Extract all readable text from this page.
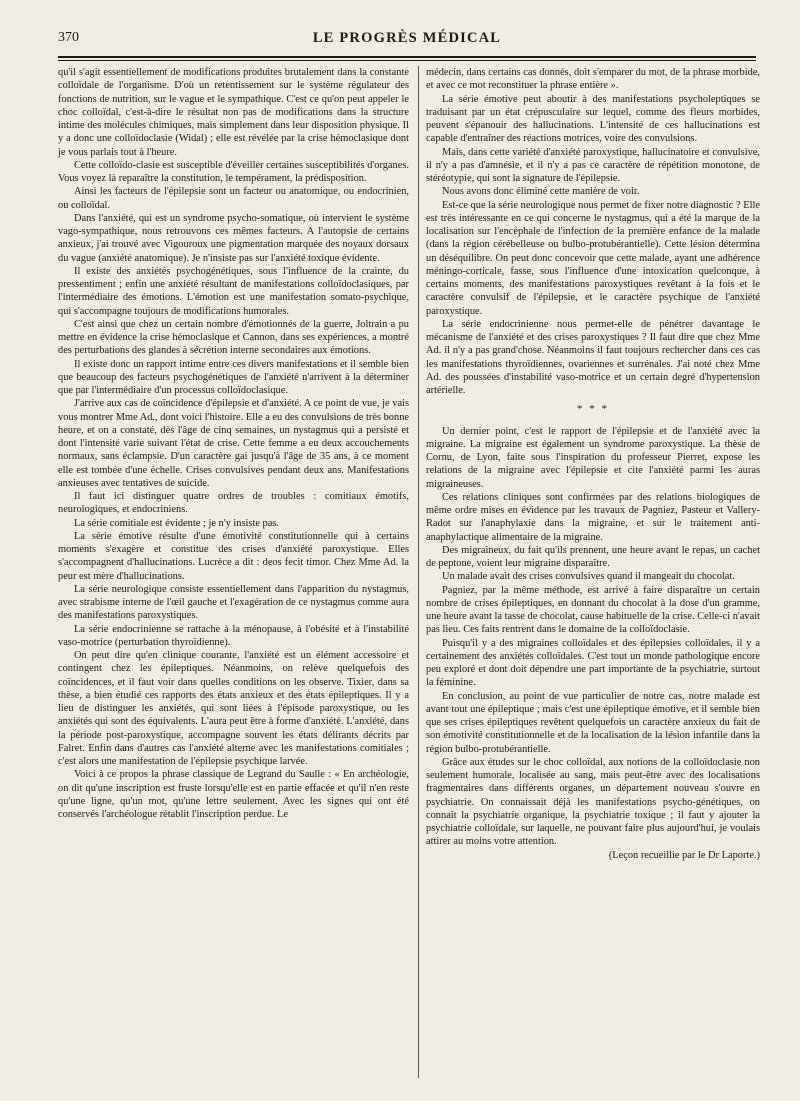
370	LE PROGRÈS MÉDICAL

qu'il s'agit essentiellement de modifications produites brutalement dans la constante colloïdale de l'organisme. D'où un retentissement sur le système régulateur des fonctions de nutrition, sur le vague et le sympathique. C'est ce qu'on peut appeler le choc colloïdal, c'est-à-dire le résultat non pas de modifications dans la structure intime des molécules chimiques, mais simplement dans leur disposition physique. Il y a donc une colloïdoclasie (Widal) ; elle est révélée par la crise hémoclasique dont je vous parlais tout à l'heure.

Cette colloïdo-clasie est susceptible d'éveiller certaines susceptibilités d'organes. Vous voyez là reparaître la constitution, le tempérament, la prédisposition.

Ainsi les facteurs de l'épilepsie sont un facteur ou anatomique, ou endocrinien, ou colloïdal.

Dans l'anxiété, qui est un syndrome psycho-somatique, où intervient le système vago-sympathique, nous retrouvons ces mêmes facteurs. A l'autopsie de certains anxieux, j'ai trouvé avec Vigouroux une pigmentation marquée des noyaux dorsaux du vague (anxiété anatomique). Je n'insiste pas sur l'anxiété toxique évidente.

Il existe des anxiétés psychogénétiques, sous l'influence de la crainte, du pressentiment ; enfin une anxiété résultant de manifestations colloïdoclasiques, par l'intermédiaire des émotions. L'émotion est une manifestation somato-psychique, qui s'accompagne toujours de modifications humorales.

C'est ainsi que chez un certain nombre d'émotionnés de la guerre, Joltrain a pu mettre en évidence la crise hémoclasique et Cannon, dans ses expériences, a montré des perturbations des glandes à sécrétion interne secondaires aux émotions.

Il existe donc un rapport intime entre ces divers manifestations et il semble bien que beaucoup des facteurs psychogénétiques de l'anxiété n'arrivent à la déterminer que par l'intermédiaire d'un processus colloïdoclasique.

J'arrive aux cas de coïncidence d'épilepsie et d'anxiété. A ce point de vue, je vais vous montrer Mme Ad., dont voici l'histoire. Elle a eu des convulsions de très bonne heure, et on a constaté, dès l'âge de cinq semaines, un nystagmus qui a persisté et dont l'intensité varie suivant l'état de crise. Cette femme a eu deux accouchements normaux, sans éclampsie. D'un caractère gai jusqu'à l'âge de 35 ans, à ce moment elle est tombée d'une échelle. Crises convulsives pendant deux ans. Manifestations anxieuses avec tentatives de suicide.

Il faut ici distinguer quatre ordres de troubles : comitiaux émotifs, neurologiques, et endocriniens.

La série comitiale est évidente ; je n'y insiste pas.

La série émotive résulte d'une émotivité constitutionnelle qui à certains moments s'exagère et constitue des crises d'anxiété paroxystique. Elles s'accompagnent d'hallucinations. Lucrèce a dit : deos fecit timor. Chez Mme Ad. la peur est mère d'hallucinations.

La série neurologique consiste essentiellement dans l'apparition du nystagmus, avec strabisme interne de l'œil gauche et l'exagération de ce nystagmus comme aura des manifestations paroxystiques.

La série endocrinienne se rattache à la ménopause, à l'obésité et à l'instabilité vaso-motrice (perturbation thyroïdienne).

On peut dire qu'en clinique courante, l'anxiété est un élément accessoire et contingent chez les épileptiques. Néanmoins, on relève quelquefois des coïncidences, et il faut voir dans quelles conditions on les observe. Tixier, dans sa thèse, a bien étudié ces rapports des états anxieux et des états épileptiques. Il y a lieu de distinguer les anxiétés, qui sont liées à l'épisode paroxystique, ou les anxiétés qui sont des équivalents. L'aura peut être à forme d'anxiété. L'anxiété, dans la période post-paroxystique, accompagne souvent les états délirants décrits par Falret. Enfin dans d'autres cas l'anxiété alterne avec les manifestations comitiales ; c'est alors une manifestation de l'épilepsie psychique larvée.

Voici à ce propos la phrase classique de Legrand du Saulle : « En archéologie, on dit qu'une inscription est fruste lorsqu'elle est en partie effacée et qu'il n'en reste qu'une ligne, qu'un mot, qu'une lettre seulement. Avec les signes qui ont été conservés l'archéologue rétablit l'inscription perdue. Le

médecin, dans certains cas donnés, doit s'emparer du mot, de la phrase morbide, et avec ce mot reconstituer la phrase entière ».

La série émotive peut aboutir à des manifestations psycholeptiques se traduisant par un état crépusculaire sur lequel, comme des fleurs morbides, peuvent s'épanouir des hallucinations. L'intensité de ces hallucinations est capable d'entraîner des réactions motrices, voire des convulsions.

Mais, dans cette variété d'anxiété paroxystique, hallucinatoire et convulsive, il n'y a pas d'amnésie, et il n'y a pas ce caractère de répétition monotone, de stéréotypie, qui sont la signature de l'épilepsie.

Nous avons donc éliminé cette manière de voir.

Est-ce que la série neurologique nous permet de fixer notre diagnostic ? Elle est très intéressante en ce qui concerne le nystagmus, qui a été la marque de la localisation sur l'encéphale de l'infection de la première enfance de la malade (dans la région cérébelleuse ou bulbo-protubérantielle). Cette lésion détermina un déséquilibre. On peut donc concevoir que cette malade, ayant une adhérence méningo-corticale, fasse, sous l'influence d'une intoxication quelconque, à certains moments, des manifestations paroxystiques revêtant à la fois et le caractère convulsif de l'épilepsie, et le caractère psychique de l'anxiété paroxystique.

La série endocrinienne nous permet-elle de pénétrer davantage le mécanisme de l'anxiété et des crises paroxystiques ? Il faut dire que chez Mme Ad. il n'y a pas grand'chose. Néanmoins il faut toujours rechercher dans ces cas les manifestations thyroïdiennes, ovariennes et surrénales. J'ai noté chez Mme Ad. des poussées d'instabilité vaso-motrice et un certain degré d'hypertension artérielle.

* * *

Un dernier point, c'est le rapport de l'épilepsie et de l'anxiété avec la migraine. La migraine est également un syndrome paroxystique. La thèse de Cornu, de Lyon, faite sous l'inspiration du professeur Pierret, expose les relations de la migraine avec l'épilepsie et cite l'anxiété parmi les auras migraineuses.

Ces relations cliniques sont confirmées par des relations biologiques de même ordre mises en évidence par les travaux de Pagniez, Pasteur et Vallery-Radot sur l'anaphylaxie dans la migraine, et sur le traitement anti-anaphylactique alimentaire de la migraine.

Des migraineux, du fait qu'ils prennent, une heure avant le repas, un cachet de peptone, voient leur migraine disparaître.

Un malade avait des crises convulsives quand il mangeait du chocolat.

Pagniez, par la même méthode, est arrivé à faire disparaître un certain nombre de crises épileptiques, en donnant du chocolat à la dose d'un gramme, une heure avant la tasse de chocolat, cause habituelle de la crise. Celle-ci n'avait pas lieu. Ces faits rentrent dans le domaine de la colloïdoclasie.

Puisqu'il y a des migraines colloïdales et des épilepsies colloïdales, il y a certainement des anxiétés colloïdales. C'est tout un monde pathologique encore peu exploré et dont doit dépendre une part importante de la psychiatrie, surtout la féminine.

En conclusion, au point de vue particulier de notre cas, notre malade est avant tout une épileptique ; mais c'est une épileptique émotive, et il semble bien que ses crises épileptiques revêtent quelquefois un caractère anxieux du fait de son émotivité constitutionnelle et de la localisation de la lésion infantile dans la région bulbo-protubérantielle.

Grâce aux études sur le choc colloïdal, aux notions de la colloïdoclasie non seulement humorale, localisée au sang, mais peut-être avec des localisations fragmentaires dans différents organes, un département nouveau s'ouvre en psychiatrie. On connaissait déjà les manifestations psycho-génétiques, on connaît la psychiatrie organique, la psychiatrie toxique ; il faut y ajouter la psychiatrie colloïdale, sur laquelle, ne pouvant faire plus aujourd'hui, je voulais attirer au moins votre attention.

(Leçon recueillie par le Dr Laporte.)
